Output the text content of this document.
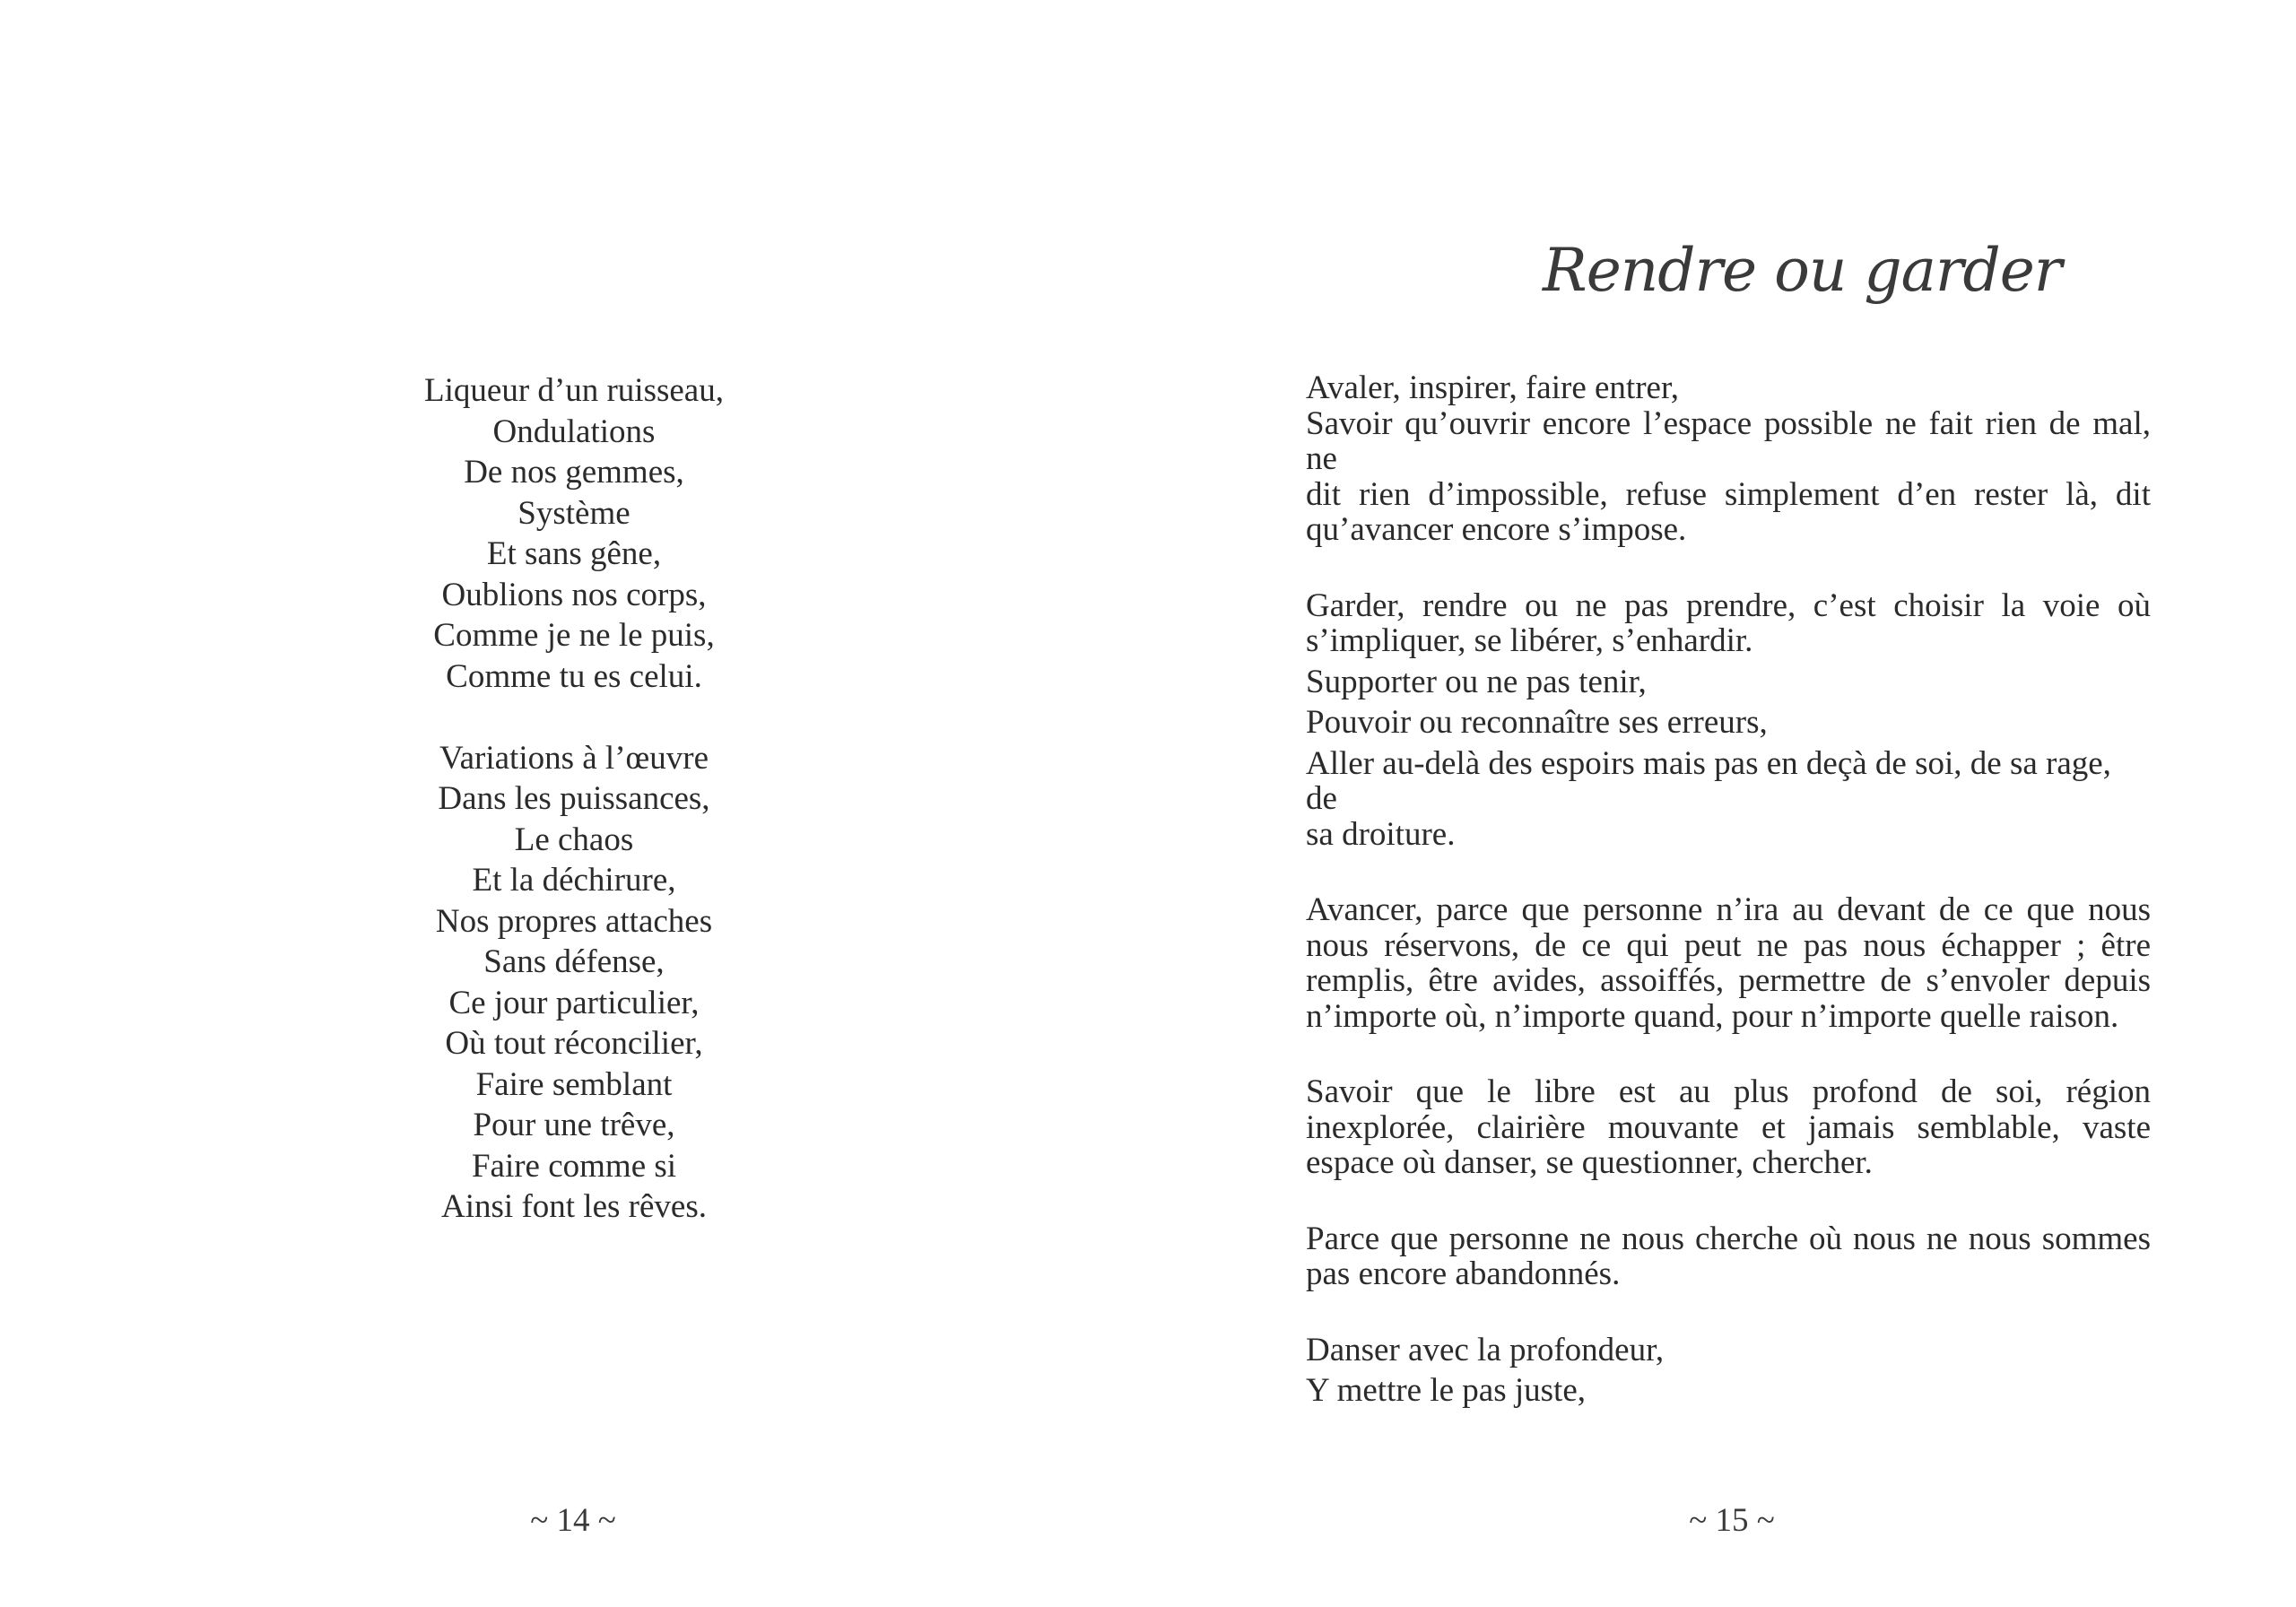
Liqueur d’un ruisseau,
Ondulations
De nos gemmes,
Système
Et sans gêne,
Oublions nos corps,
Comme je ne le puis,
Comme tu es celui.
Variations à l’œuvre
Dans les puissances,
Le chaos
Et la déchirure,
Nos propres attaches
Sans défense,
Ce jour particulier,
Où tout réconcilier,
Faire semblant
Pour une trêve,
Faire comme si
Ainsi font les rêves.
~ 14 ~
Rendre ou garder
Avaler, inspirer, faire entrer,
Savoir qu’ouvrir encore l’espace possible ne fait rien de mal, ne
dit rien d’impossible, refuse simplement d’en rester là, dit
qu’avancer encore s’impose.
Garder, rendre ou ne pas prendre, c’est choisir la voie où
s’impliquer, se libérer, s’enhardir.
Supporter ou ne pas tenir,
Pouvoir ou reconnaître ses erreurs,
Aller au-delà des espoirs mais pas en deçà de soi, de sa rage, de
sa droiture.
Avancer, parce que personne n’ira au devant de ce que nous
nous réservons, de ce qui peut ne pas nous échapper ; être
remplis, être avides, assoiffés, permettre de s’envoler depuis
n’importe où, n’importe quand, pour n’importe quelle raison.
Savoir que le libre est au plus profond de soi, région
inexplorée, clairière mouvante et jamais semblable, vaste
espace où danser, se questionner, chercher.
Parce que personne ne nous cherche où nous ne nous sommes
pas encore abandonnés.
Danser avec la profondeur,
Y mettre le pas juste,
~ 15 ~
